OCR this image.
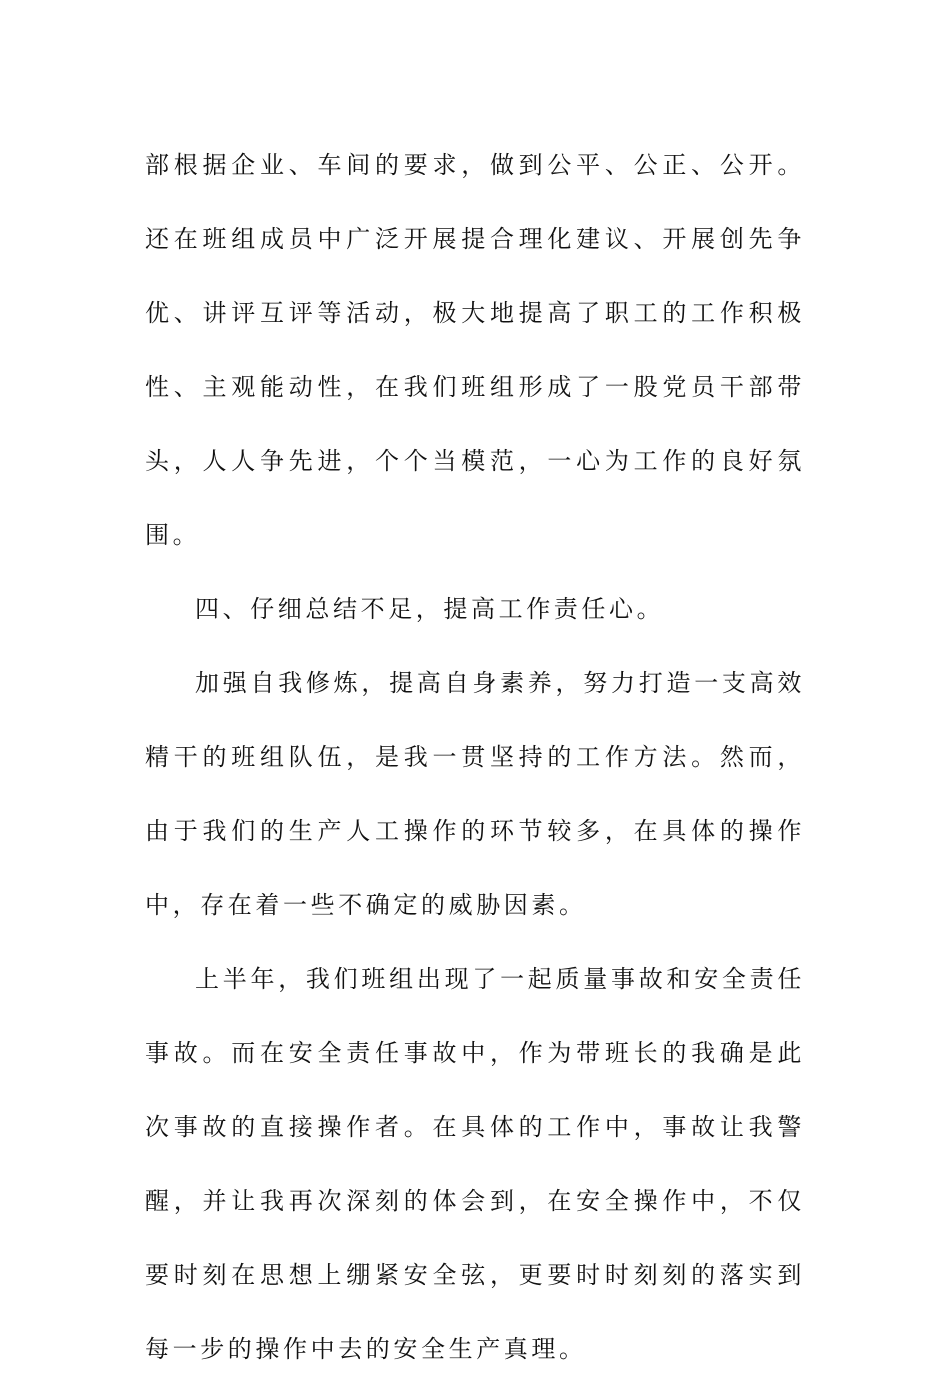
部根据企业、车间的要求，做到公平、公正、公开。还在班组成员中广泛开展提合理化建议、开展创先争优、讲评互评等活动，极大地提高了职工的工作积极性、主观能动性，在我们班组形成了一股党员干部带头，人人争先进，个个当模范，一心为工作的良好氛围。

四、仔细总结不足，提高工作责任心。

加强自我修炼，提高自身素养，努力打造一支高效精干的班组队伍，是我一贯坚持的工作方法。然而，由于我们的生产人工操作的环节较多，在具体的操作中，存在着一些不确定的威胁因素。

上半年，我们班组出现了一起质量事故和安全责任事故。而在安全责任事故中，作为带班长的我确是此次事故的直接操作者。在具体的工作中，事故让我警醒，并让我再次深刻的体会到，在安全操作中，不仅要时刻在思想上绷紧安全弦，更要时时刻刻的落实到每一步的操作中去的安全生产真理。
